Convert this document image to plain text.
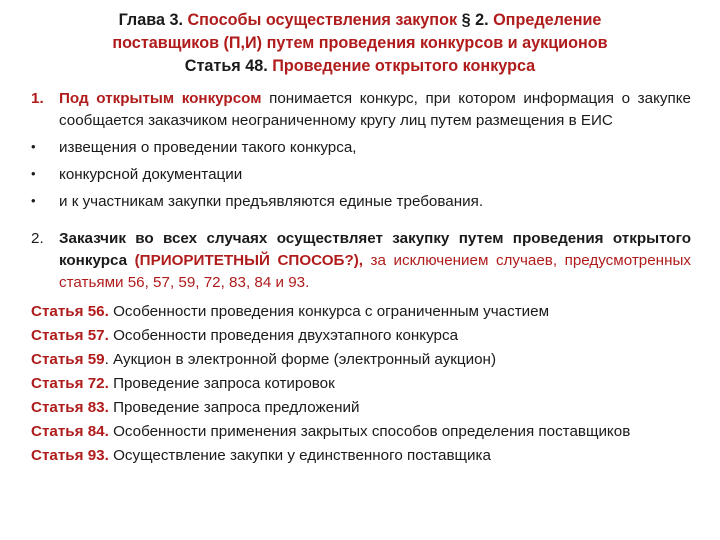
Глава 3. Способы осуществления закупок § 2. Определение
поставщиков (П,И) путем проведения конкурсов и аукционов
Статья 48. Проведение открытого конкурса
1. Под открытым конкурсом понимается конкурс, при котором информация о закупке сообщается заказчиком неограниченному кругу лиц путем размещения в ЕИС
• извещения о проведении такого конкурса,
• конкурсной документации
• и к участникам закупки предъявляются единые требования.
2. Заказчик во всех случаях осуществляет закупку путем проведения открытого конкурса (ПРИОРИТЕТНЫЙ СПОСОБ?), за исключением случаев, предусмотренных статьями 56, 57, 59, 72, 83, 84 и 93.
Статья 56. Особенности проведения конкурса с ограниченным участием
Статья 57. Особенности проведения двухэтапного конкурса
Статья 59. Аукцион в электронной форме (электронный аукцион)
Статья 72. Проведение запроса котировок
Статья 83. Проведение запроса предложений
Статья 84. Особенности применения закрытых способов определения поставщиков
Статья 93. Осуществление закупки у единственного поставщика
